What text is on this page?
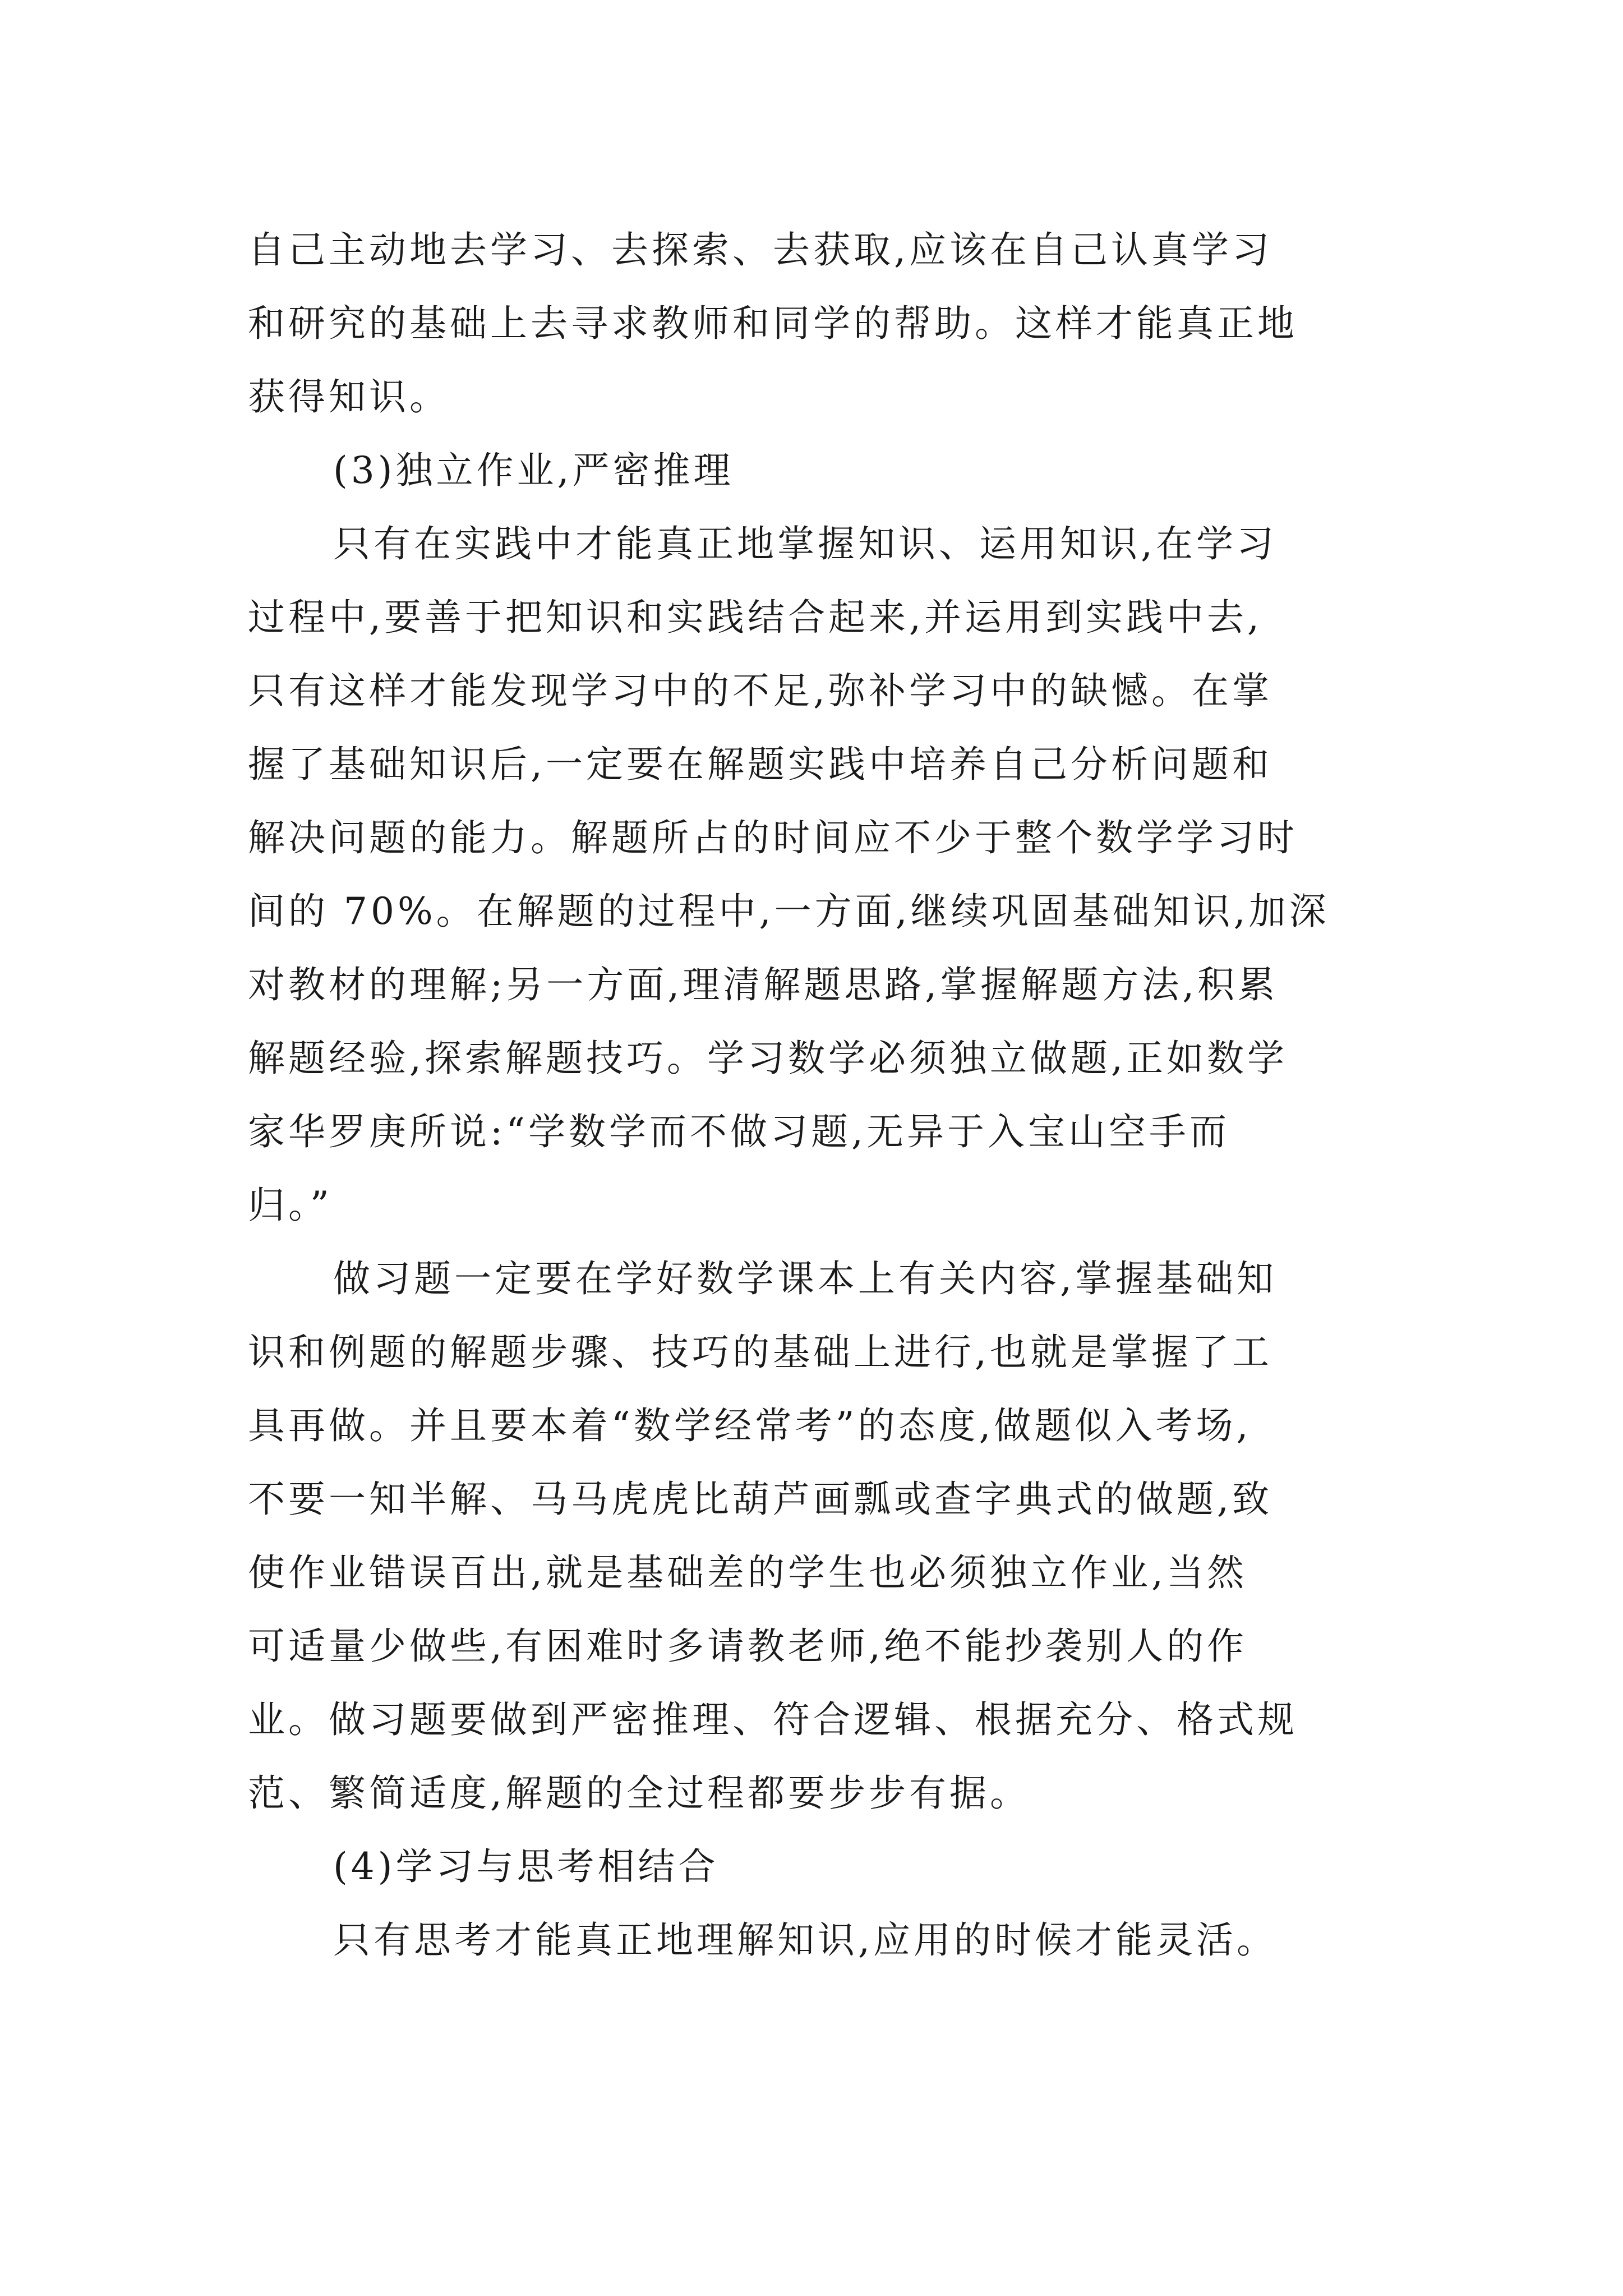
自己主动地去学习、去探索、去获取,应该在自己认真学习
和研究的基础上去寻求教师和同学的帮助。这样才能真正地
获得知识。
(3)独立作业,严密推理
只有在实践中才能真正地掌握知识、运用知识,在学习
过程中,要善于把知识和实践结合起来,并运用到实践中去,
只有这样才能发现学习中的不足,弥补学习中的缺憾。在掌
握了基础知识后,一定要在解题实践中培养自己分析问题和
解决问题的能力。解题所占的时间应不少于整个数学学习时
间的 70%。在解题的过程中,一方面,继续巩固基础知识,加深
对教材的理解;另一方面,理清解题思路,掌握解题方法,积累
解题经验,探索解题技巧。学习数学必须独立做题,正如数学
家华罗庚所说:“学数学而不做习题,无异于入宝山空手而
归。”
做习题一定要在学好数学课本上有关内容,掌握基础知
识和例题的解题步骤、技巧的基础上进行,也就是掌握了工
具再做。并且要本着“数学经常考”的态度,做题似入考场,
不要一知半解、马马虎虎比葫芦画瓢或查字典式的做题,致
使作业错误百出,就是基础差的学生也必须独立作业,当然
可适量少做些,有困难时多请教老师,绝不能抄袭别人的作
业。做习题要做到严密推理、符合逻辑、根据充分、格式规
范、繁简适度,解题的全过程都要步步有据。
(4)学习与思考相结合
只有思考才能真正地理解知识,应用的时候才能灵活。
